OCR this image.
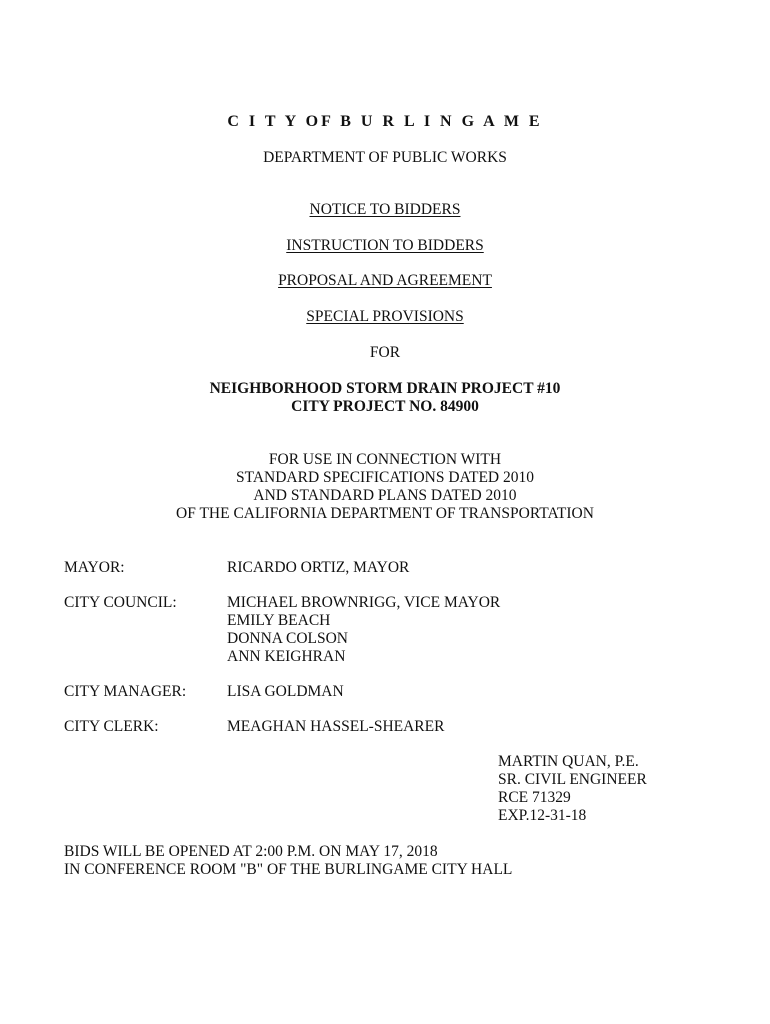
C I T Y OF B U R L I N G A M E
DEPARTMENT OF PUBLIC WORKS
NOTICE TO BIDDERS
INSTRUCTION TO BIDDERS
PROPOSAL AND AGREEMENT
SPECIAL PROVISIONS
FOR
NEIGHBORHOOD STORM DRAIN PROJECT #10
CITY PROJECT NO. 84900
FOR USE IN CONNECTION WITH
STANDARD SPECIFICATIONS DATED 2010
AND STANDARD PLANS DATED 2010
OF THE CALIFORNIA DEPARTMENT OF TRANSPORTATION
MAYOR:	RICARDO ORTIZ, MAYOR
CITY COUNCIL:	MICHAEL BROWNRIGG, VICE MAYOR
EMILY BEACH
DONNA COLSON
ANN KEIGHRAN
CITY MANAGER:	LISA GOLDMAN
CITY CLERK:	MEAGHAN HASSEL-SHEARER
MARTIN QUAN, P.E.
SR. CIVIL ENGINEER
RCE 71329
EXP.12-31-18
BIDS WILL BE OPENED AT 2:00 P.M. ON MAY 17, 2018
IN CONFERENCE ROOM "B" OF THE BURLINGAME CITY HALL
